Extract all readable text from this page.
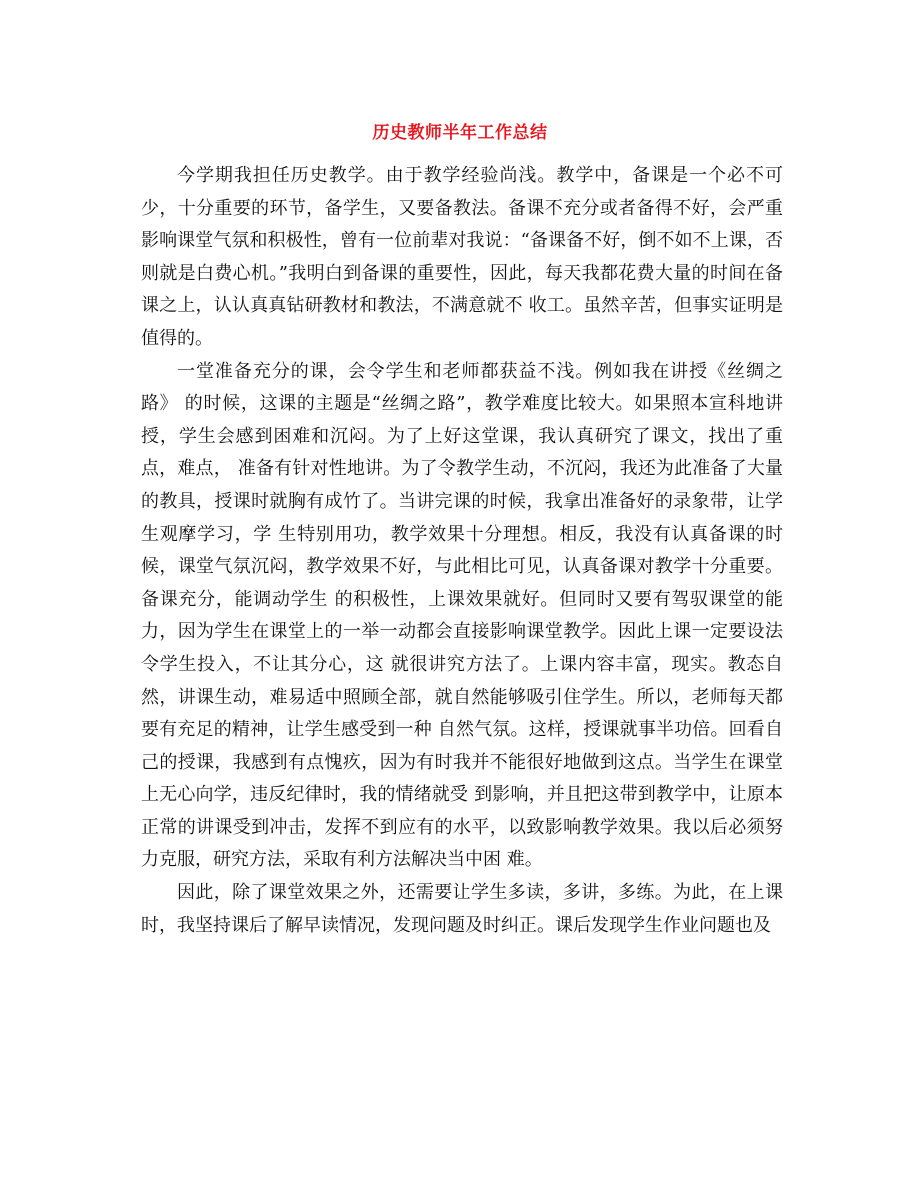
历史教师半年工作总结

今学期我担任历史教学。由于教学经验尚浅。教学中，备课是一个必不可少，十分重要的环节，备学生，又要备教法。备课不充分或者备得不好，会严重影响课堂气氛和积极性，曾有一位前辈对我说：“备课备不好，倒不如不上课，否则就是白费心机。”我明白到备课的重要性，因此，每天我都花费大量的时间在备课之上，认认真真钻研教材和教法，不满意就不 收工。虽然辛苦，但事实证明是值得的。

一堂准备充分的课，会令学生和老师都获益不浅。例如我在讲授《丝绸之路》 的时候，这课的主题是“丝绸之路”，教学难度比较大。如果照本宣科地讲授，学生会感到困难和沉闷。为了上好这堂课，我认真研究了课文，找出了重点，难点， 准备有针对性地讲。为了令教学生动，不沉闷，我还为此准备了大量的教具，授课时就胸有成竹了。当讲完课的时候，我拿出准备好的录象带，让学生观摩学习，学 生特别用功，教学效果十分理想。相反，我没有认真备课的时候，课堂气氛沉闷，教学效果不好，与此相比可见，认真备课对教学十分重要。备课充分，能调动学生 的积极性，上课效果就好。但同时又要有驾驭课堂的能力，因为学生在课堂上的一举一动都会直接影响课堂教学。因此上课一定要设法令学生投入，不让其分心，这 就很讲究方法了。上课内容丰富，现实。教态自然，讲课生动，难易适中照顾全部，就自然能够吸引住学生。所以，老师每天都要有充足的精神，让学生感受到一种 自然气氛。这样，授课就事半功倍。回看自己的授课，我感到有点愧疚，因为有时我并不能很好地做到这点。当学生在课堂上无心向学，违反纪律时，我的情绪就受 到影响，并且把这带到教学中，让原本正常的讲课受到冲击，发挥不到应有的水平，以致影响教学效果。我以后必须努力克服，研究方法，采取有利方法解决当中困 难。

因此，除了课堂效果之外，还需要让学生多读，多讲，多练。为此，在上课时，我坚持课后了解早读情况，发现问题及时纠正。课后发现学生作业问题也及
